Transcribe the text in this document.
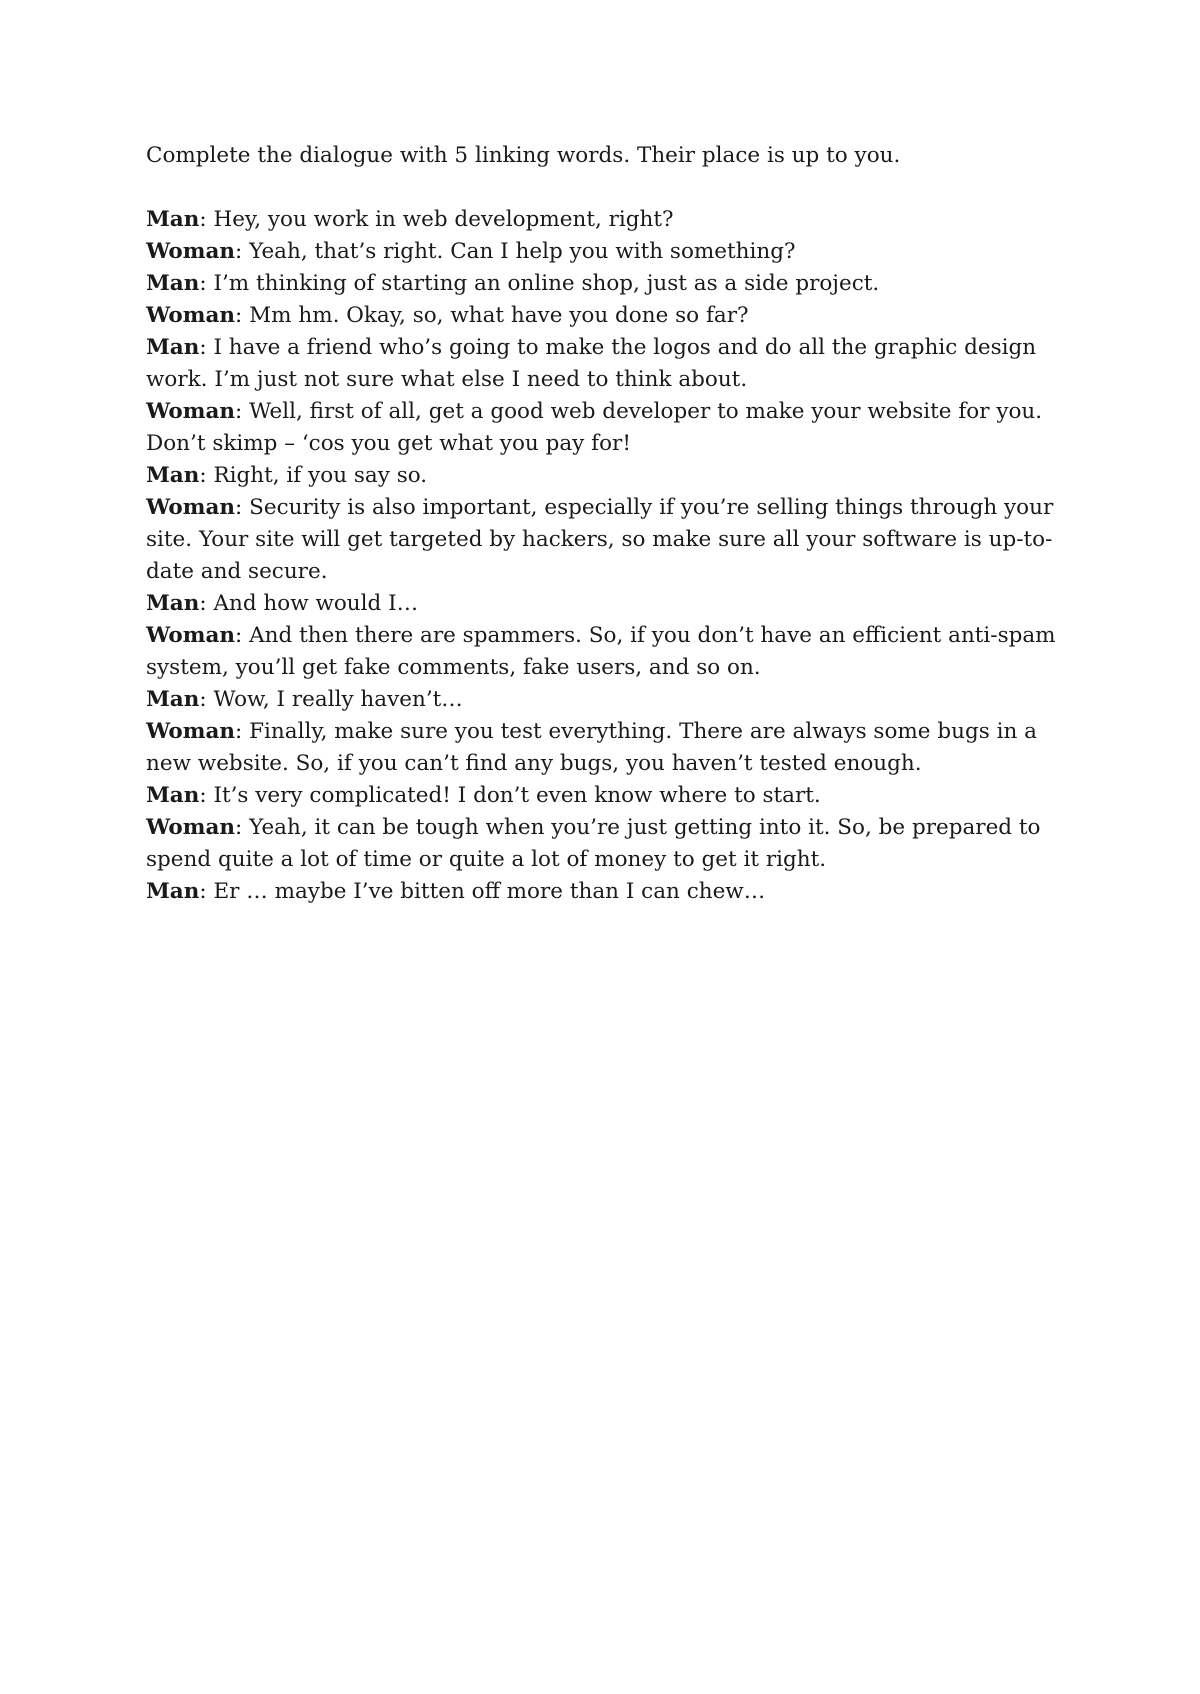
Complete the dialogue with 5 linking words. Their place is up to you.

Man: Hey, you work in web development, right?

Woman: Yeah, that’s right. Can I help you with something?

Man: I’m thinking of starting an online shop, just as a side project.

Woman: Mm hm. Okay, so, what have you done so far?

Man: I have a friend who’s going to make the logos and do all the graphic design work. I’m just not sure what else I need to think about.

Woman: Well, first of all, get a good web developer to make your website for you. Don’t skimp – ‘cos you get what you pay for!

Man: Right, if you say so.

Woman: Security is also important, especially if you’re selling things through your site. Your site will get targeted by hackers, so make sure all your software is up-to-date and secure.

Man: And how would I…

Woman: And then there are spammers. So, if you don’t have an efficient anti-spam system, you’ll get fake comments, fake users, and so on.

Man: Wow, I really haven’t…

Woman: Finally, make sure you test everything. There are always some bugs in a new website. So, if you can’t find any bugs, you haven’t tested enough.

Man: It’s very complicated! I don’t even know where to start.

Woman: Yeah, it can be tough when you’re just getting into it. So, be prepared to spend quite a lot of time or quite a lot of money to get it right.

Man: Er … maybe I’ve bitten off more than I can chew…
